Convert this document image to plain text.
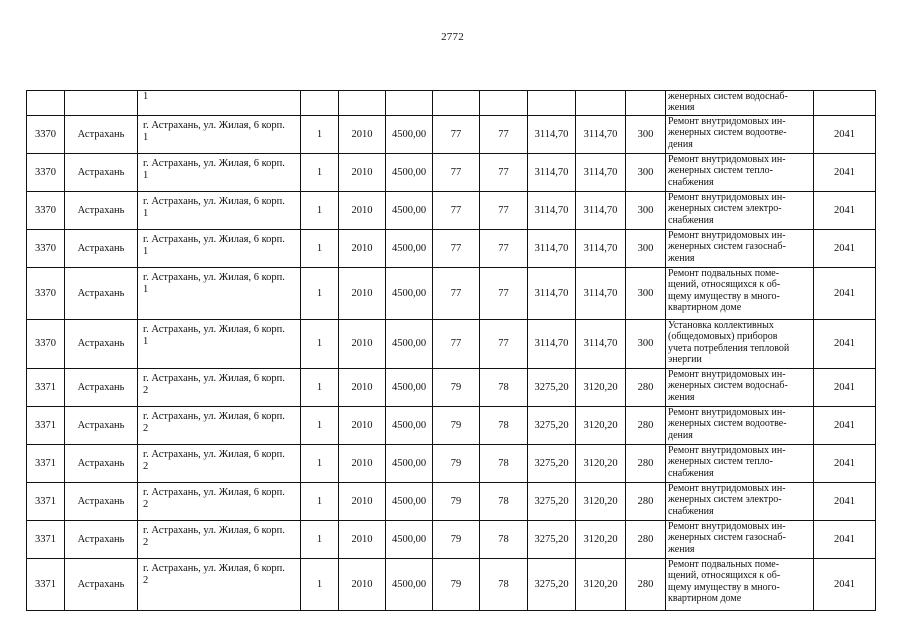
2772
		1									женерных систем водоснаб-
жения	
3370	Астрахань	г. Астрахань, ул. Жилая, 6 корп.
1	1	2010	4500,00	77	77	3114,70	3114,70	300	Ремонт внутридомовых ин-
женерных систем водоотве-
дения	2041
3370	Астрахань	г. Астрахань, ул. Жилая, 6 корп.
1	1	2010	4500,00	77	77	3114,70	3114,70	300	Ремонт внутридомовых ин-
женерных систем тепло-
снабжения	2041
3370	Астрахань	г. Астрахань, ул. Жилая, 6 корп.
1	1	2010	4500,00	77	77	3114,70	3114,70	300	Ремонт внутридомовых ин-
женерных систем электро-
снабжения	2041
3370	Астрахань	г. Астрахань, ул. Жилая, 6 корп.
1	1	2010	4500,00	77	77	3114,70	3114,70	300	Ремонт внутридомовых ин-
женерных систем газоснаб-
жения	2041
3370	Астрахань	г. Астрахань, ул. Жилая, 6 корп.
1	1	2010	4500,00	77	77	3114,70	3114,70	300	Ремонт подвальных поме-
щений, относящихся к об-
щему имуществу в много-
квартирном доме	2041
3370	Астрахань	г. Астрахань, ул. Жилая, 6 корп.
1	1	2010	4500,00	77	77	3114,70	3114,70	300	Установка коллективных
(общедомовых) приборов
учета потребления тепловой
энергии	2041
3371	Астрахань	г. Астрахань, ул. Жилая, 6 корп.
2	1	2010	4500,00	79	78	3275,20	3120,20	280	Ремонт внутридомовых ин-
женерных систем водоснаб-
жения	2041
3371	Астрахань	г. Астрахань, ул. Жилая, 6 корп.
2	1	2010	4500,00	79	78	3275,20	3120,20	280	Ремонт внутридомовых ин-
женерных систем водоотве-
дения	2041
3371	Астрахань	г. Астрахань, ул. Жилая, 6 корп.
2	1	2010	4500,00	79	78	3275,20	3120,20	280	Ремонт внутридомовых ин-
женерных систем тепло-
снабжения	2041
3371	Астрахань	г. Астрахань, ул. Жилая, 6 корп.
2	1	2010	4500,00	79	78	3275,20	3120,20	280	Ремонт внутридомовых ин-
женерных систем электро-
снабжения	2041
3371	Астрахань	г. Астрахань, ул. Жилая, 6 корп.
2	1	2010	4500,00	79	78	3275,20	3120,20	280	Ремонт внутридомовых ин-
женерных систем газоснаб-
жения	2041
3371	Астрахань	г. Астрахань, ул. Жилая, 6 корп.
2	1	2010	4500,00	79	78	3275,20	3120,20	280	Ремонт подвальных поме-
щений, относящихся к об-
щему имуществу в много-
квартирном доме	2041
